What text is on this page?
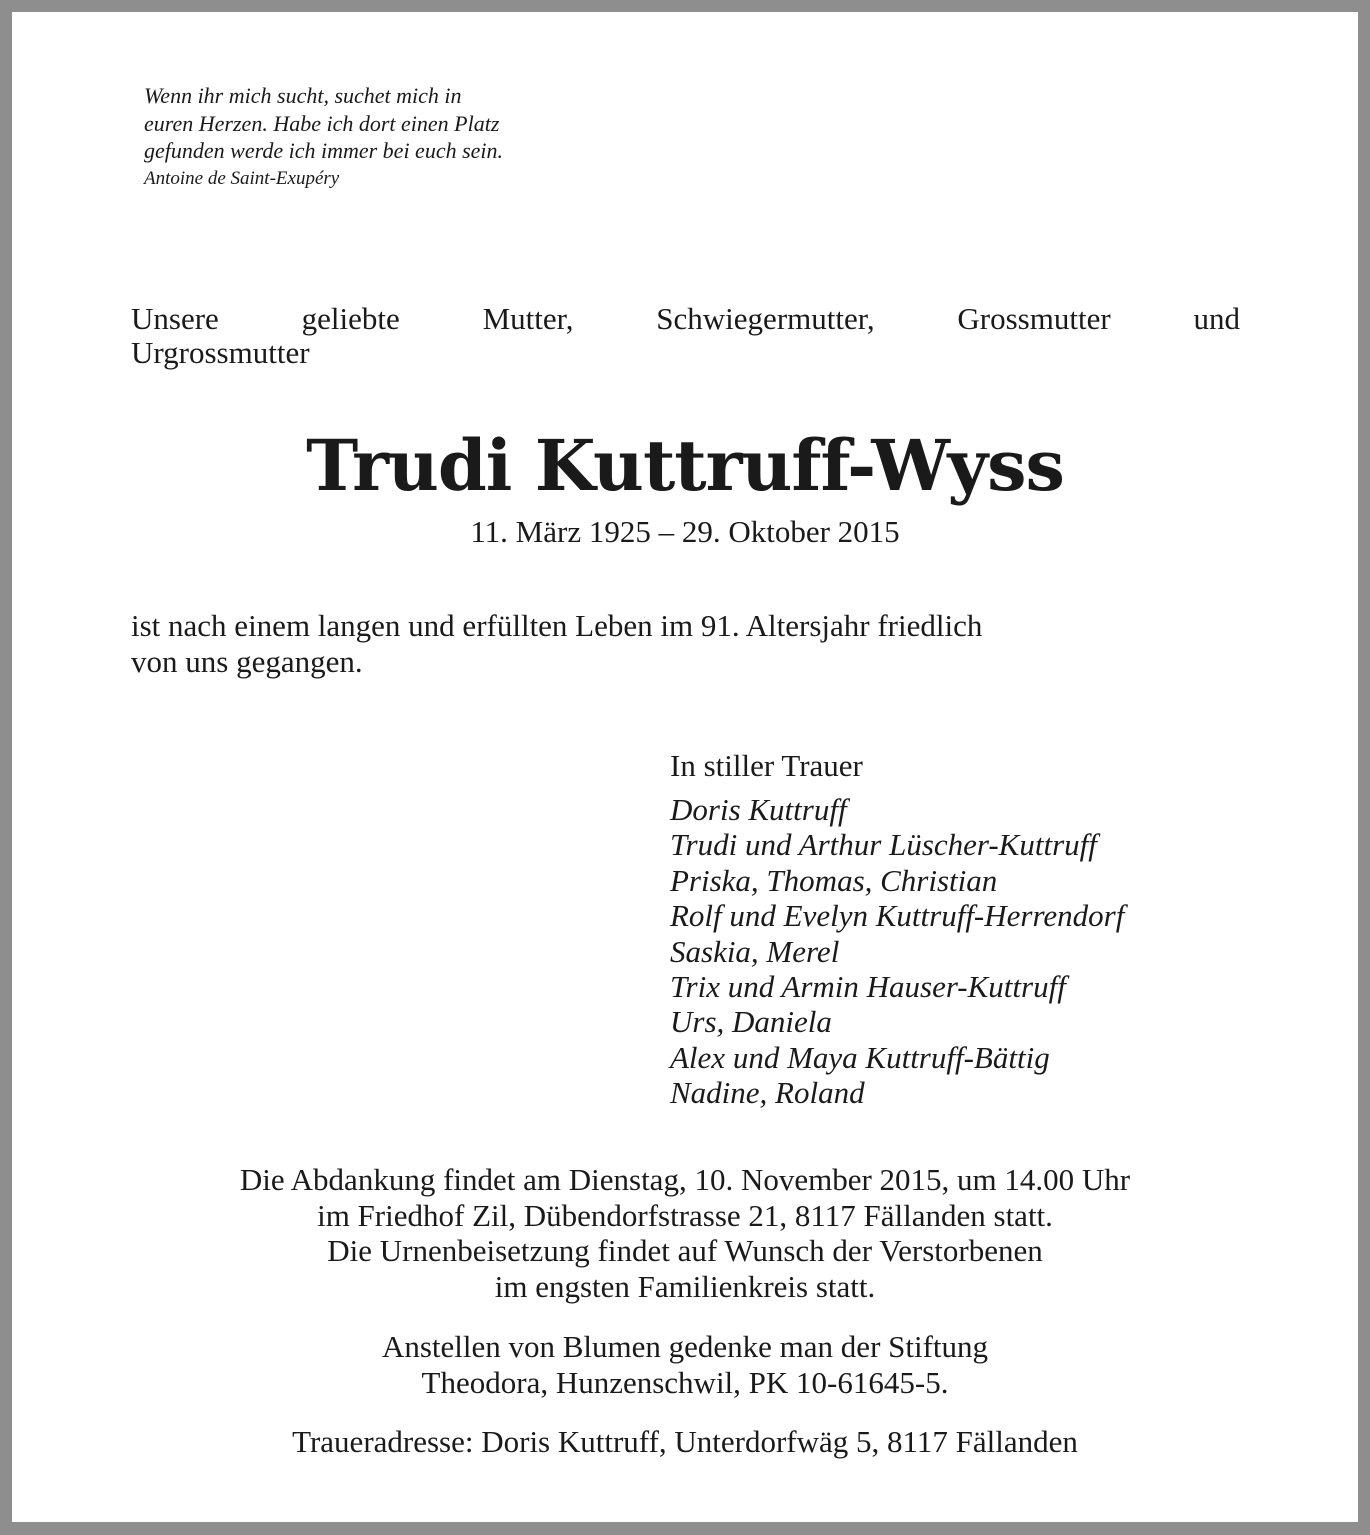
Wenn ihr mich sucht, suchet mich in
euren Herzen. Habe ich dort einen Platz
gefunden werde ich immer bei euch sein.
Antoine de Saint-Exupéry
Unsere	geliebte	Mutter,	Schwiegermutter,	Grossmutter	und
Urgrossmutter
Trudi Kuttruff-Wyss
11. März 1925 – 29. Oktober 2015
ist nach einem langen und erfüllten Leben im 91. Altersjahr friedlich
von uns gegangen.
In stiller Trauer
Doris Kuttruff
Trudi und Arthur Lüscher-Kuttruff
Priska, Thomas, Christian
Rolf und Evelyn Kuttruff-Herrendorf
Saskia, Merel
Trix und Armin Hauser-Kuttruff
Urs, Daniela
Alex und Maya Kuttruff-Bättig
Nadine, Roland
Die Abdankung findet am Dienstag, 10. November 2015, um 14.00 Uhr
im Friedhof Zil, Dübendorfstrasse 21, 8117 Fällanden statt.
Die Urnenbeisetzung findet auf Wunsch der Verstorbenen
im engsten Familienkreis statt.
Anstellen von Blumen gedenke man der Stiftung
Theodora, Hunzenschwil, PK 10-61645-5.
Traueradresse: Doris Kuttruff, Unterdorfwäg 5, 8117 Fällanden
